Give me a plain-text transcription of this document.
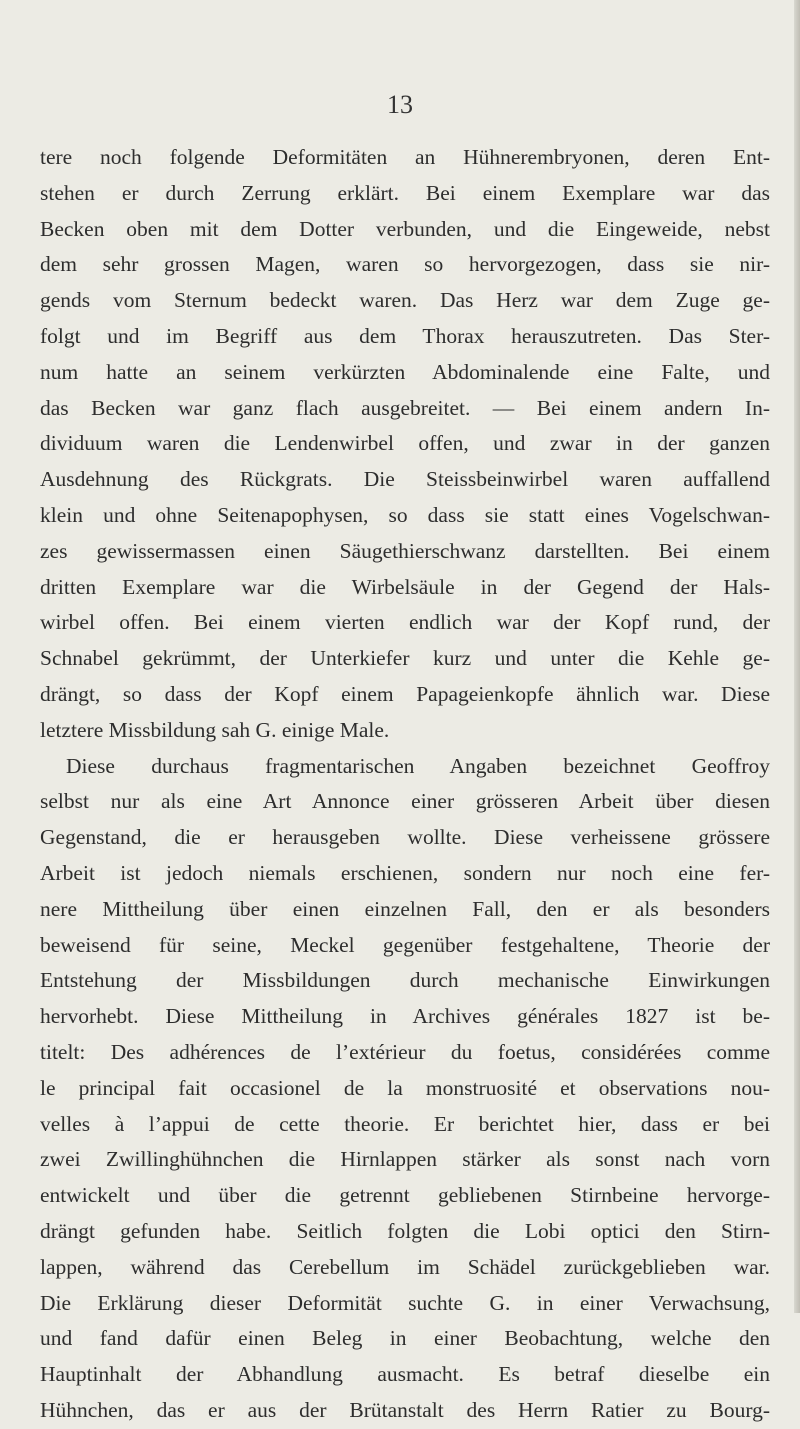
13
tere noch folgende Deformitäten an Hühnerembryonen, deren Ent-
stehen er durch Zerrung erklärt. Bei einem Exemplare war das
Becken oben mit dem Dotter verbunden, und die Eingeweide, nebst
dem sehr grossen Magen, waren so hervorgezogen, dass sie nir-
gends vom Sternum bedeckt waren. Das Herz war dem Zuge ge-
folgt und im Begriff aus dem Thorax herauszutreten. Das Ster-
num hatte an seinem verkürzten Abdominalende eine Falte, und
das Becken war ganz flach ausgebreitet. — Bei einem andern In-
dividuum waren die Lendenwirbel offen, und zwar in der ganzen
Ausdehnung des Rückgrats. Die Steissbeinwirbel waren auffallend
klein und ohne Seitenapophysen, so dass sie statt eines Vogelschwan-
zes gewissermassen einen Säugethierschwanz darstellten. Bei einem
dritten Exemplare war die Wirbelsäule in der Gegend der Hals-
wirbel offen. Bei einem vierten endlich war der Kopf rund, der
Schnabel gekrümmt, der Unterkiefer kurz und unter die Kehle ge-
drängt, so dass der Kopf einem Papageienkopfe ähnlich war. Diese
letztere Missbildung sah G. einige Male.
Diese durchaus fragmentarischen Angaben bezeichnet Geoffroy
selbst nur als eine Art Annonce einer grösseren Arbeit über diesen
Gegenstand, die er herausgeben wollte. Diese verheissene grössere
Arbeit ist jedoch niemals erschienen, sondern nur noch eine fer-
nere Mittheilung über einen einzelnen Fall, den er als besonders
beweisend für seine, Meckel gegenüber festgehaltene, Theorie der
Entstehung der Missbildungen durch mechanische Einwirkungen
hervorhebt. Diese Mittheilung in Archives générales 1827 ist be-
titelt: Des adhérences de l’extérieur du foetus, considérées comme
le principal fait occasionel de la monstruosité et observations nou-
velles à l’appui de cette theorie. Er berichtet hier, dass er bei
zwei Zwillinghühnchen die Hirnlappen stärker als sonst nach vorn
entwickelt und über die getrennt gebliebenen Stirnbeine hervorge-
drängt gefunden habe. Seitlich folgten die Lobi optici den Stirn-
lappen, während das Cerebellum im Schädel zurückgeblieben war.
Die Erklärung dieser Deformität suchte G. in einer Verwachsung,
und fand dafür einen Beleg in einer Beobachtung, welche den
Hauptinhalt der Abhandlung ausmacht. Es betraf dieselbe ein
Hühnchen, das er aus der Brütanstalt des Herrn Ratier zu Bourg-
